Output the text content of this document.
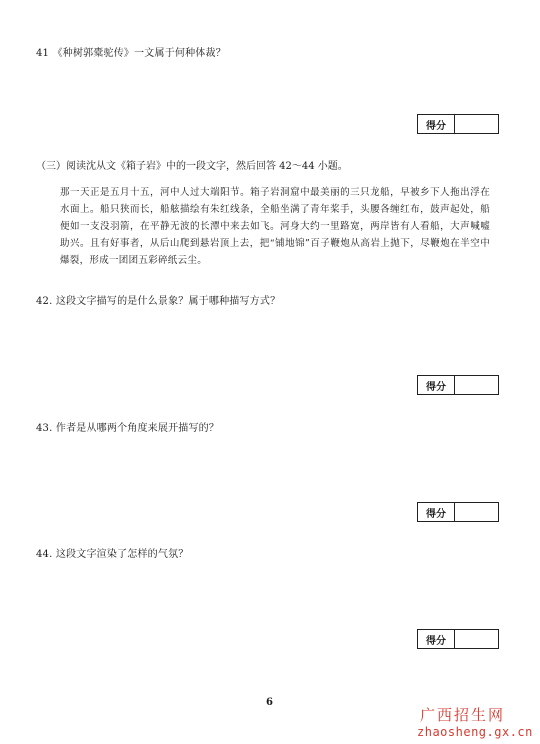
41 《种树郭橐驼传》一文属于何种体裁？
得分
（三）阅读沈从文《箱子岩》中的一段文字，然后回答 42～44 小题。
那一天正是五月十五，河中人过大端阳节。箱子岩洞窟中最美丽的三只龙船，早被乡下人拖出浮在水面上。船只狭而长，船舷描绘有朱红线条，全船坐满了青年桨手，头腰各缠红布，鼓声起处，船便如一支没羽箭，在平静无波的长潭中来去如飞。河身大约一里路宽，两岸皆有人看船，大声喊嘘助兴。且有好事者，从后山爬到悬岩顶上去，把“铺地锦”百子鞭炮从高岩上抛下，尽鞭炮在半空中爆裂，形成一团团五彩碎纸云尘。
42. 这段文字描写的是什么景象？属于哪种描写方式？
得分
43. 作者是从哪两个角度来展开描写的？
得分
44. 这段文字渲染了怎样的气氛？
得分
6
广西招生网
zhaosheng.gx.cn
